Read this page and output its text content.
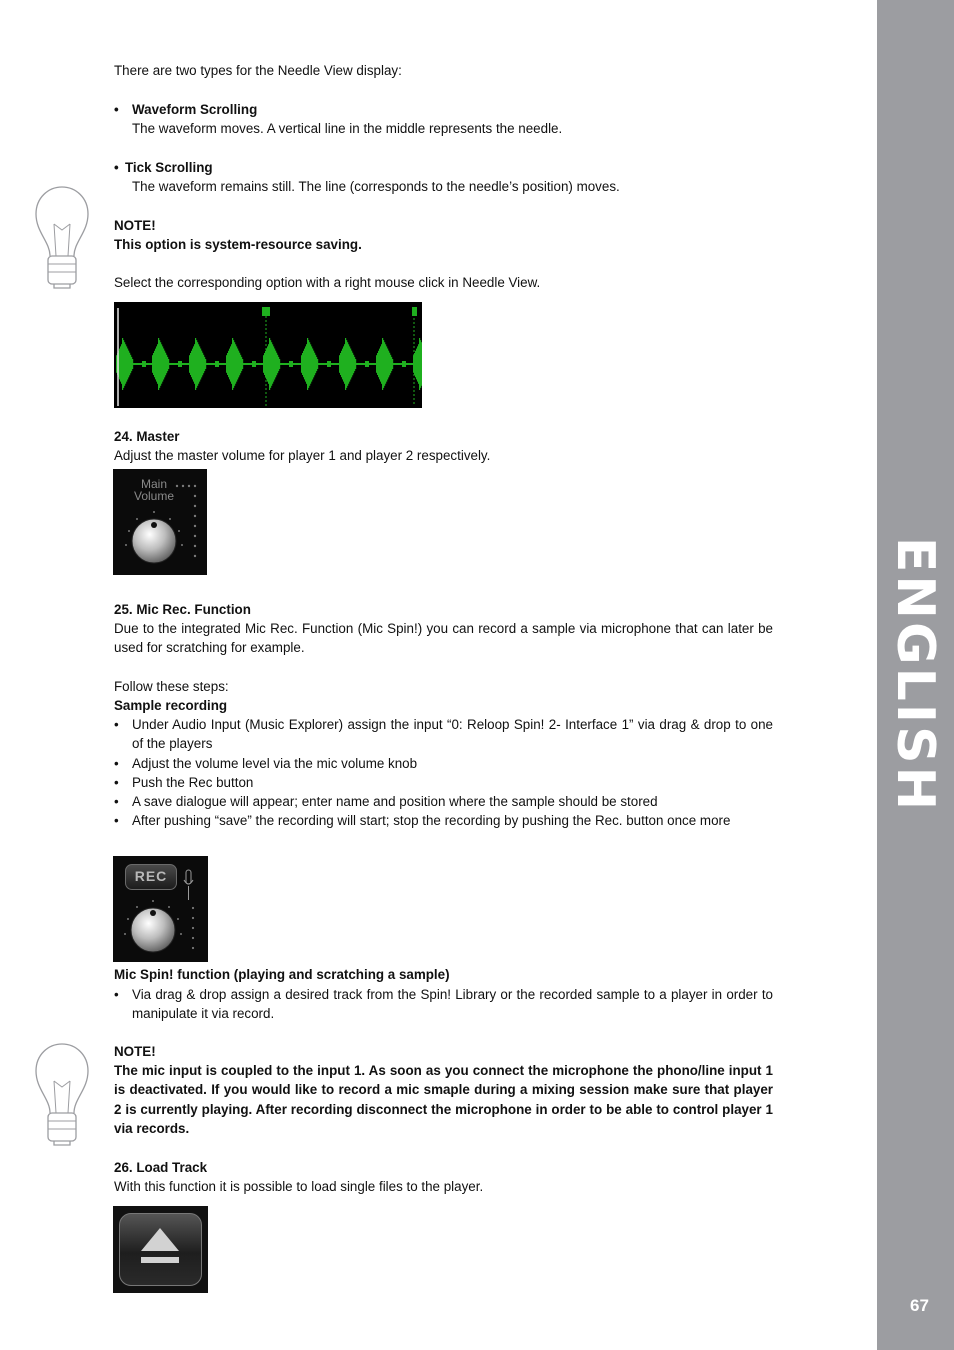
ENGLISH
67
There are two types for the Needle View display:
• Waveform Scrolling
The waveform moves. A vertical line in the middle represents the needle.
• Tick Scrolling
The waveform remains still. The line (corresponds to the needle’s position) moves.
NOTE!
This option is system-resource saving.
Select the corresponding option with a right mouse click in Needle View.
24. Master
Adjust the master volume for player 1 and player 2 respectively.
Main
Volume
25. Mic Rec. Function
Due to the integrated Mic Rec. Function (Mic Spin!) you can record a sample via microphone that can later be used for scratching for example.
Follow these steps:
Sample recording
• Under Audio Input (Music Explorer) assign the input “0: Reloop Spin! 2- Interface 1” via drag & drop to one of the players
• Adjust the volume level via the mic volume knob
• Push the Rec button
• A save dialogue will appear; enter name and position where the sample should be stored
• After pushing “save” the recording will start; stop the recording by pushing the Rec. button once more
REC
Mic Spin! function (playing and scratching a sample)
• Via drag & drop assign a desired track from the Spin! Library or the recorded sample to a player in order to manipulate it via record.
NOTE!
The mic input is coupled to the input 1. As soon as you connect the microphone the phono/line input 1 is deactivated. If you would like to record a mic smaple during a mixing session make sure that player 2 is currently playing. After recording disconnect the microphone in order to be able to control player 1 via records.
26. Load Track
With this function it is possible to load single files to the player.
